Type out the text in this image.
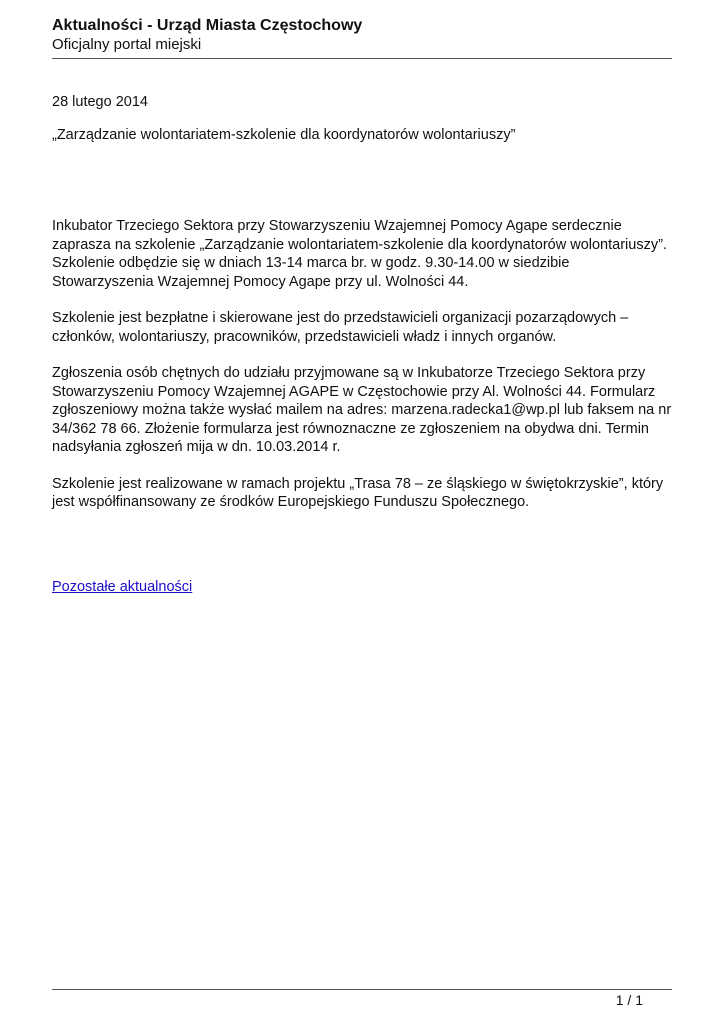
Aktualności - Urząd Miasta Częstochowy

Oficjalny portal miejski

28 lutego 2014

„Zarządzanie wolontariatem-szkolenie dla koordynatorów wolontariuszy”

Inkubator Trzeciego Sektora przy Stowarzyszeniu Wzajemnej Pomocy Agape serdecznie zaprasza na szkolenie „Zarządzanie wolontariatem-szkolenie dla koordynatorów wolontariuszy”. Szkolenie odbędzie się w dniach 13-14 marca br. w godz. 9.30-14.00 w siedzibie Stowarzyszenia Wzajemnej Pomocy Agape przy ul. Wolności 44.

Szkolenie jest bezpłatne i skierowane jest do przedstawicieli organizacji pozarządowych – członków, wolontariuszy, pracowników, przedstawicieli władz i innych organów.

Zgłoszenia osób chętnych do udziału przyjmowane są w Inkubatorze Trzeciego Sektora przy Stowarzyszeniu Pomocy Wzajemnej AGAPE w Częstochowie przy Al. Wolności 44. Formularz zgłoszeniowy można także wysłać mailem na adres: marzena.radecka1@wp.pl lub faksem na nr 34/362 78 66. Złożenie formularza jest równoznaczne ze zgłoszeniem na obydwa dni. Termin nadsyłania zgłoszeń mija w dn. 10.03.2014 r.

Szkolenie jest realizowane w ramach projektu „Trasa 78 – ze śląskiego w świętokrzyskie”, który jest współfinansowany ze środków Europejskiego Funduszu Społecznego.

Pozostałe aktualności
1 / 1
